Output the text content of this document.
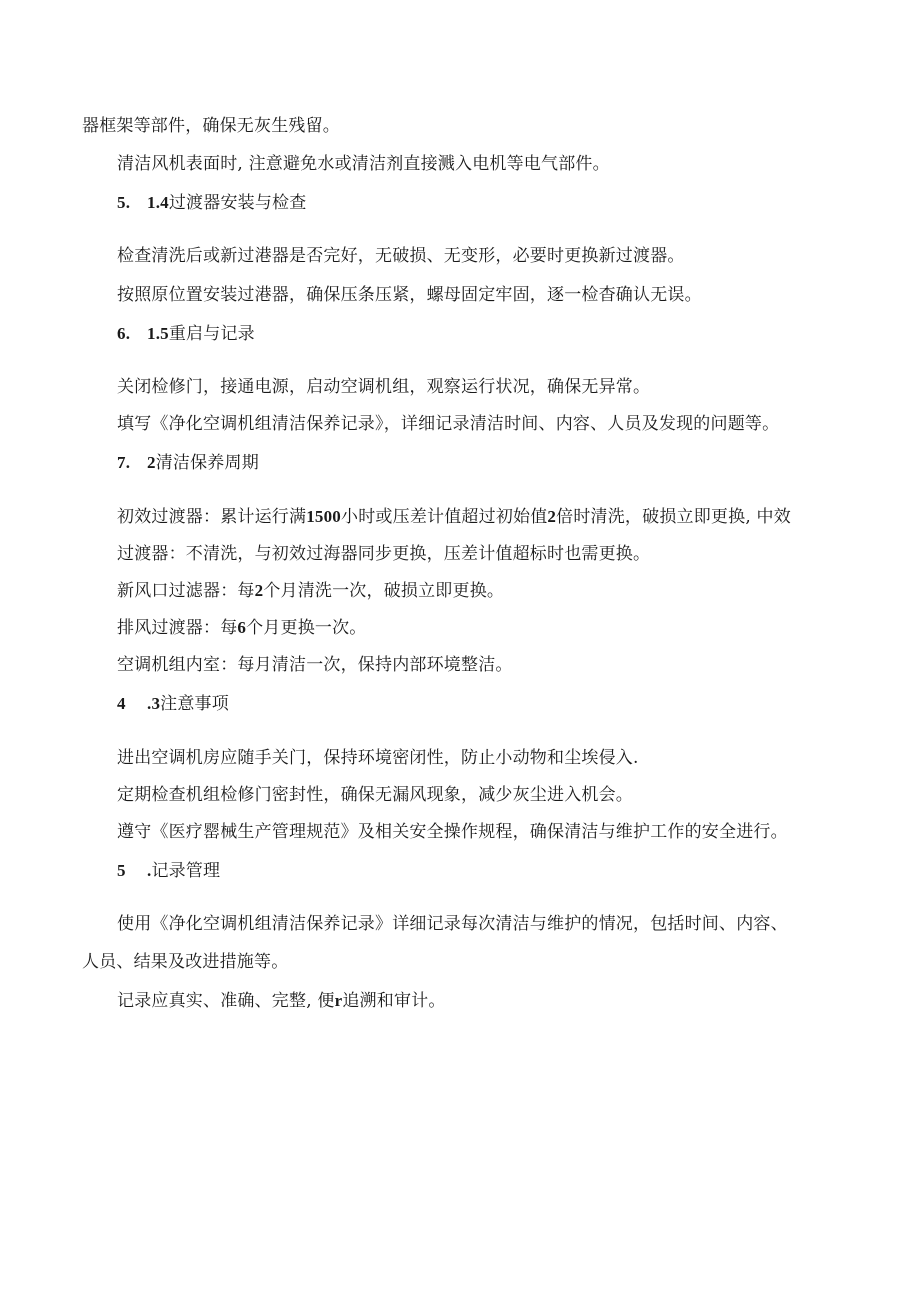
器框架等部件，确保无灰生残留。
清洁风机表面时, 注意避免水或清洁剂直接溅入电机等电气部件。
5. 1.4过渡器安装与检查
检查清洗后或新过港器是否完好，无破损、无变形，必要时更换新过渡器。
按照原位置安装过港器，确保压条压紧，螺母固定牢固，逐一检杳确认无误。
6. 1.5重启与记录
关闭检修门，接通电源，启动空调机组，观察运行状况，确保无异常。
填写《净化空调机组清洁保养记录》，详细记录清洁时间、内容、人员及发现的问题等。
7. 2清洁保养周期
初效过渡器：累计运行满1500小时或压差计值超过初始值2倍时清洗，破损立即更换, 中效
过渡器：不清洗，与初效过海器同步更换，压差计值超标时也需更换。
新风口过滤器：每2个月清洗一次，破损立即更换。
排风过渡器：每6个月更换一次。
空调机组内室：每月清洁一次，保持内部环境整洁。
4 .3注意事项
进出空调机房应随手关门，保持环境密闭性，防止小动物和尘埃侵入.
定期检查机组检修门密封性，确保无漏风现象，减少灰尘进入机会。
遵守《医疗罂械生产管理规范》及相关安全操作规程，确保清洁与维护工作的安全进行。
5 .记录管理
使用《净化空调机组清洁保养记录》详细记录每次清洁与维护的情况，包括时间、内容、
人员、结果及改进措施等。
记录应真实、准确、完整, 便r追溯和审计。
